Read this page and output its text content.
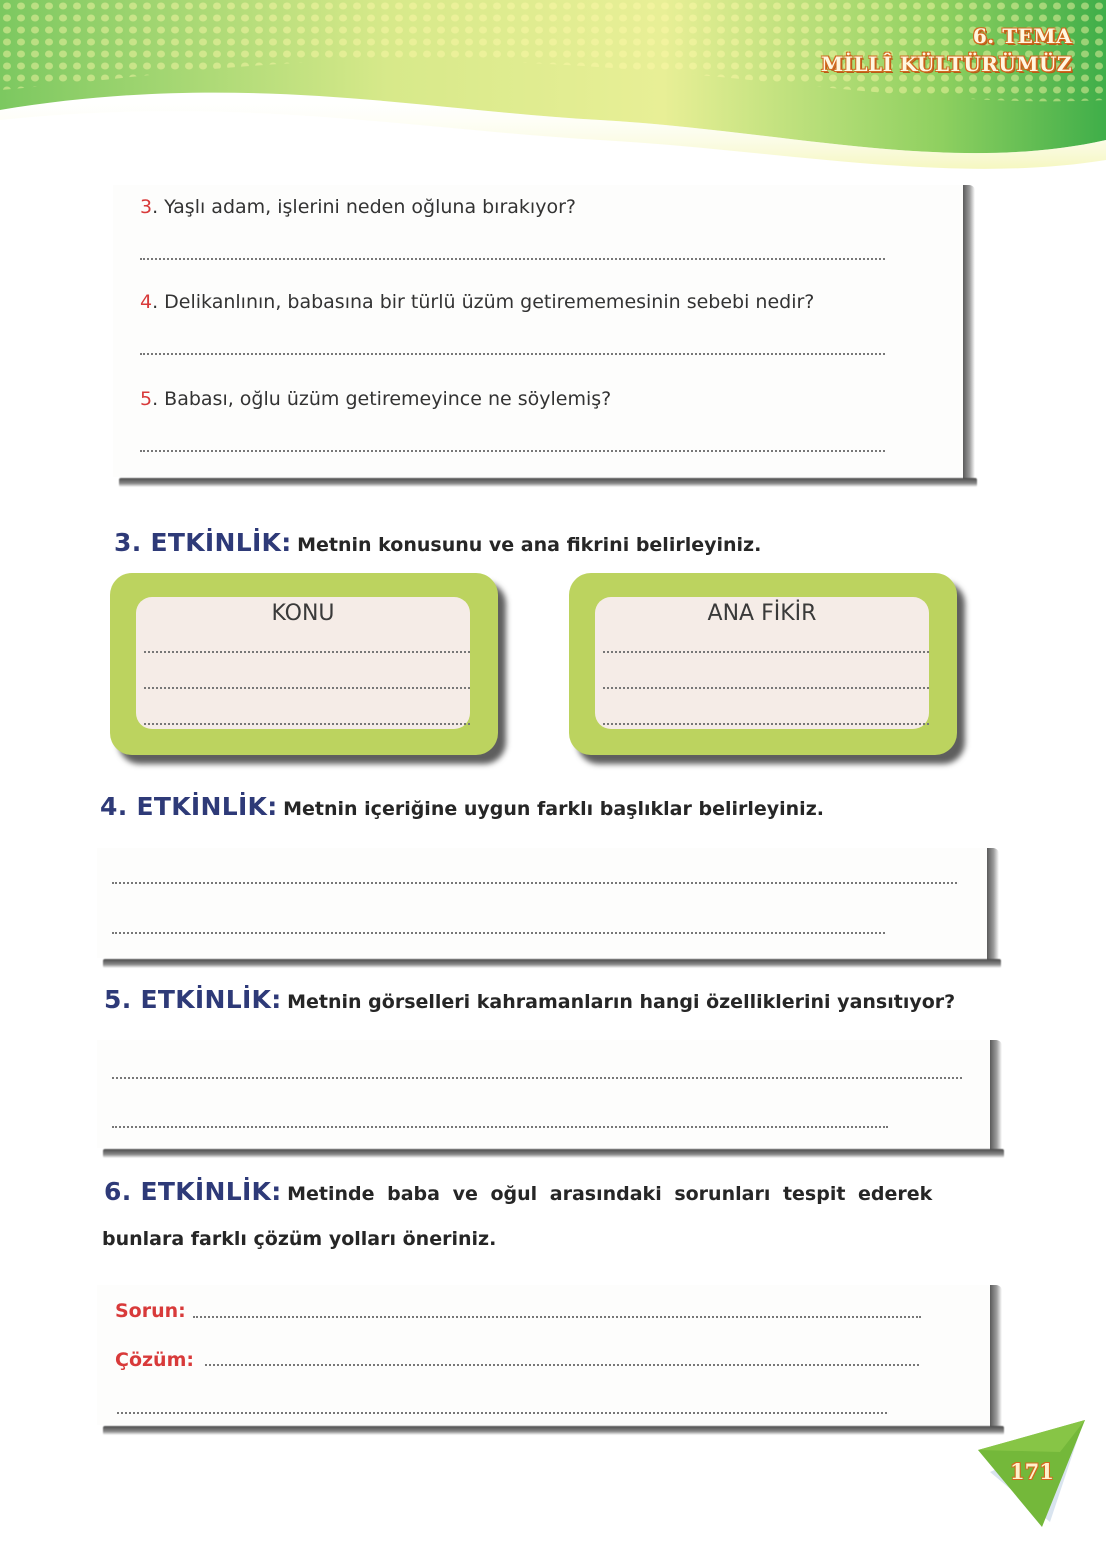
6. TEMA
MİLLÎ KÜLTÜRÜMÜZ
3. Yaşlı adam, işlerini neden oğluna bırakıyor?
4. Delikanlının, babasına bir türlü üzüm getirememesinin sebebi nedir?
5. Babası, oğlu üzüm getiremeyince ne söylemiş?
3. ETKİNLİK: Metnin konusunu ve ana fikrini belirleyiniz.
KONU	ANA FİKİR
4. ETKİNLİK: Metnin içeriğine uygun farklı başlıklar belirleyiniz.
5. ETKİNLİK: Metnin görselleri kahramanların hangi özelliklerini yansıtıyor?
6. ETKİNLİK: Metinde baba ve oğul arasındaki sorunları tespit ederek
bunlara farklı çözüm yolları öneriniz.
Sorun:
Çözüm:
171
